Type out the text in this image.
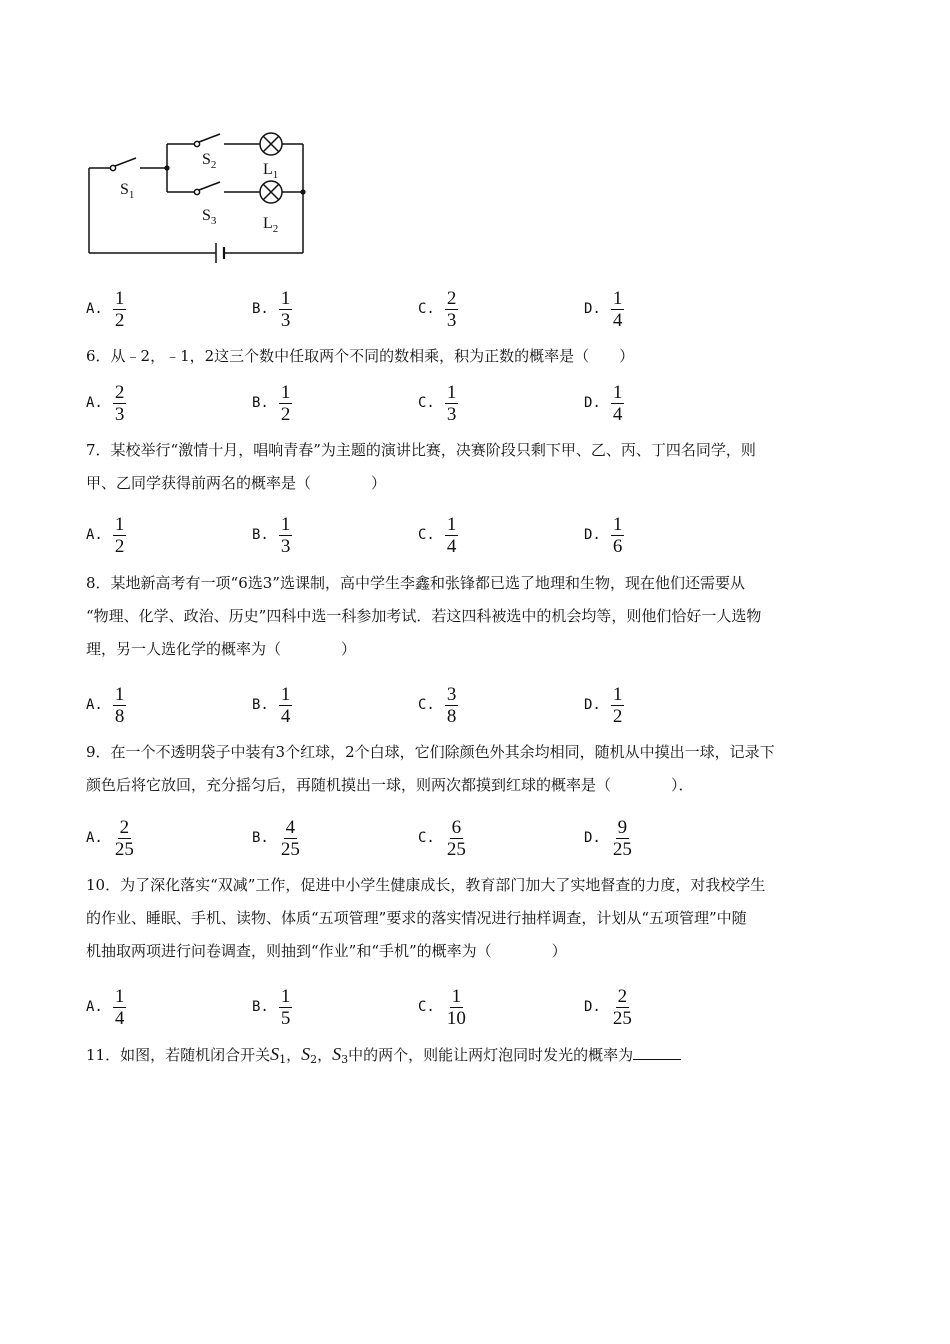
$S_1$
$S_2$
$S_3$
$L_1$
$L_2$
A. $\frac{1}{2}$	B. $\frac{1}{3}$	C. $\frac{2}{3}$	D. $\frac{1}{4}$
6．从﹣2，﹣1，2这三个数中任取两个不同的数相乘，积为正数的概率是（　　）
A. $\frac{2}{3}$	B. $\frac{1}{2}$	C. $\frac{1}{3}$	D. $\frac{1}{4}$
7．某校举行“激情十月，唱响青春”为主题的演讲比赛，决赛阶段只剩下甲、乙、丙、丁四名同学，则
甲、乙同学获得前两名的概率是（　　　　）
A. $\frac{1}{2}$	B. $\frac{1}{3}$	C. $\frac{1}{4}$	D. $\frac{1}{6}$
8．某地新高考有一项“6选3”选课制，高中学生李鑫和张锋都已选了地理和生物，现在他们还需要从
“物理、化学、政治、历史”四科中选一科参加考试．若这四科被选中的机会均等，则他们恰好一人选物
理，另一人选化学的概率为（　　　　）
A. $\frac{1}{8}$	B. $\frac{1}{4}$	C. $\frac{3}{8}$	D. $\frac{1}{2}$
9．在一个不透明袋子中装有3个红球，2个白球，它们除颜色外其余均相同，随机从中摸出一球，记录下
颜色后将它放回，充分摇匀后，再随机摸出一球，则两次都摸到红球的概率是（　　　　）．
A. $\frac{2}{25}$	B. $\frac{4}{25}$	C. $\frac{6}{25}$	D. $\frac{9}{25}$
10．为了深化落实“双减”工作，促进中小学生健康成长，教育部门加大了实地督查的力度，对我校学生
的作业、睡眠、手机、读物、体质“五项管理”要求的落实情况进行抽样调查，计划从“五项管理”中随
机抽取两项进行问卷调查，则抽到“作业”和“手机”的概率为（　　　　）
A. $\frac{1}{4}$	B. $\frac{1}{5}$	C. $\frac{1}{10}$	D. $\frac{2}{25}$
11．如图，若随机闭合开关$S_1$，$S_2$，$S_3$中的两个，则能让两灯泡同时发光的概率为
